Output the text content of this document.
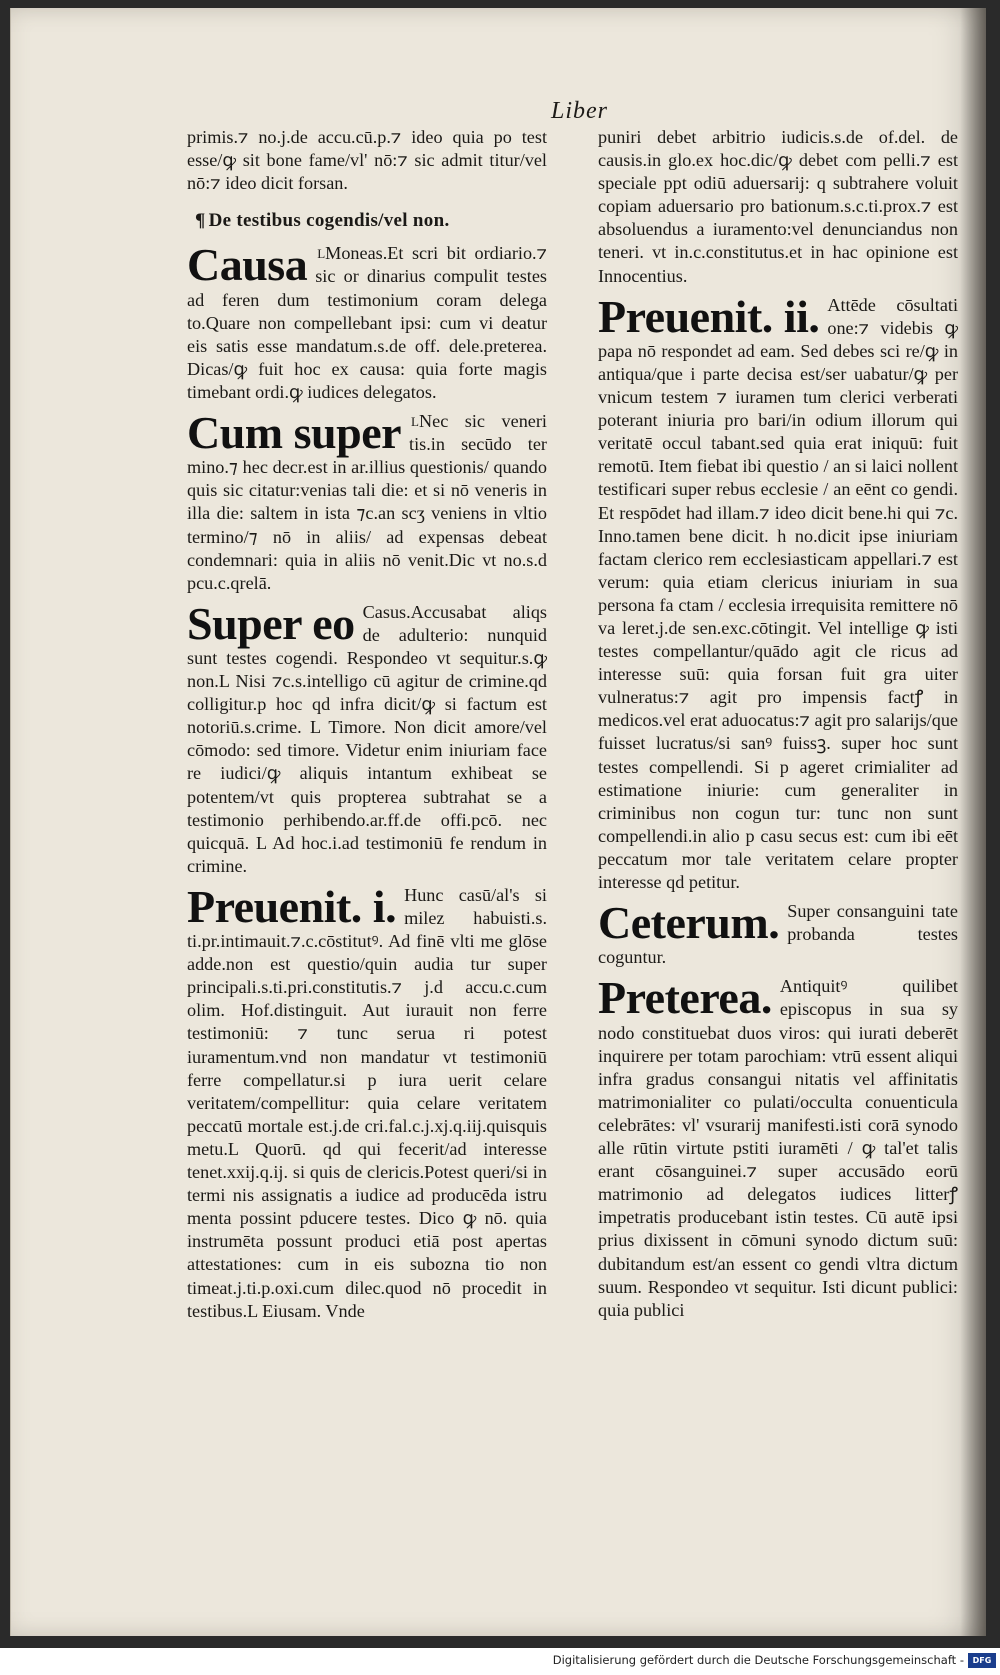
Liber

primis.⁊ no.j.de accu.cū.p.⁊ ideo quia po test esse/ꝙ sit bone fame/vl' nō:⁊ sic admit titur/vel nō:⁊ ideo dicit forsan.

¶ De testibus cogendis/vel non.

Causa $^L$Moneas.Et scri bit ordiario.⁊ sic or dinarius compulit testes ad feren dum testimonium coram delega to.Quare non compellebant ipsi: cum vi deatur eis satis esse mandatum.s.de off. dele.preterea. Dicas/ꝙ fuit hoc ex causa: quia forte magis timebant ordi.ꝙ iudices delegatos.

Cum super $^L$Nec sic veneri tis.in secūdo ter mino.⁊ hec decr.est in ar.illius questionis/ quando quis sic citatur:venias tali die: et si nō veneris in illa die: saltem in ista ⁊c.an scʒ veniens in vltio termino/⁊ nō in aliis/ ad expensas debeat condemnari: quia in aliis nō venit.Dic vt no.s.d pcu.c.qrelā.

Super eo Casus.Accusabat aliqs de adulterio: nunquid sunt testes cogendi. Respondeo vt sequitur.s.ꝙ non.L Nisi ⁊c.s.intelligo cū agitur de crimine.qd colligitur.p hoc qd infra dicit/ꝙ si factum est notoriū.s.crime. L Timore. Non dicit amore/vel cōmodo: sed timore. Videtur enim iniuriam face re iudici/ꝙ aliquis intantum exhibeat se potentem/vt quis propterea subtrahat se a testimonio perhibendo.ar.ff.de offi.pcō. nec quicquā. L Ad hoc.i.ad testimoniū fe rendum in crimine.

Preuenit. i. Hunc casū/al's si milez habuisti.s. ti.pr.intimauit.⁊.c.cōstitutꝰ. Ad finē vlti me glōse adde.non est questio/quin audia tur super principali.s.ti.pri.constitutis.⁊ j.d accu.c.cum olim. Hof.distinguit. Aut iurauit non ferre testimoniū: ⁊ tunc serua ri potest iuramentum.vnd non mandatur vt testimoniū ferre compellatur.si p iura uerit celare veritatem/compellitur: quia celare veritatem peccatū mortale est.j.de cri.fal.c.j.xj.q.iij.quisquis metu.L Quorū. qd qui fecerit/ad interesse tenet.xxij.q.ij. si quis de clericis.Potest queri/si in termi nis assignatis a iudice ad producēda istru menta possint pducere testes. Dico ꝙ nō. quia instrumēta possunt produci etiā post apertas attestationes: cum in eis subozna tio non timeat.j.ti.p.oxi.cum dilec.quod nō procedit in testibus.L Eiusam. Vnde

puniri debet arbitrio iudicis.s.de of.del. de causis.in glo.ex hoc.dic/ꝙ debet com pelli.⁊ est speciale ppt odiū aduersarij: q subtrahere voluit copiam aduersario pro bationum.s.c.ti.prox.⁊ est absoluendus a iuramento:vel denunciandus non teneri. vt in.c.constitutus.et in hac opinione est Innocentius.

Preuenit. ii. Attēde cōsultati one:⁊ videbis ꝙ papa nō respondet ad eam. Sed debes sci re/ꝙ in antiqua/que i parte decisa est/ser uabatur/ꝙ per vnicum testem ⁊ iuramen tum clerici verberati poterant iniuria pro bari/in odium illorum qui veritatē occul tabant.sed quia erat iniquū: fuit remotū. Item fiebat ibi questio / an si laici nollent testificari super rebus ecclesie / an eēnt co gendi. Et respōdet had illam.⁊ ideo dicit bene.hi qui ⁊c. Inno.tamen bene dicit. h no.dicit ipse iniuriam factam clerico rem ecclesiasticam appellari.⁊ est verum: quia etiam clericus iniuriam in sua persona fa ctam / ecclesia irrequisita remittere nō va leret.j.de sen.exc.cōtingit. Vel intellige ꝙ isti testes compellantur/quādo agit cle ricus ad interesse suū: quia forsan fuit gra uiter vulneratus:⁊ agit pro impensis factꝭ in medicos.vel erat aduocatus:⁊ agit pro salarijs/que fuisset lucratus/si sanꝰ fuissꝫ. super hoc sunt testes compellendi. Si p ageret crimialiter ad estimatione iniurie: cum generaliter in criminibus non cogun tur: tunc non sunt compellendi.in alio p casu secus est: cum ibi eēt peccatum mor tale veritatem celare propter interesse qd petitur.

Ceterum. Super consanguini tate probanda testes coguntur.

Preterea. Antiquitꝰ quilibet episcopus in sua sy nodo constituebat duos viros: qui iurati deberēt inquirere per totam parochiam: vtrū essent aliqui infra gradus consangui nitatis vel affinitatis matrimonialiter co pulati/occulta conuenticula celebrātes: vl' vsurarij manifesti.isti corā synodo alle rūtin virtute pstiti iuramēti / ꝙ tal'et talis erant cōsanguinei.⁊ super accusādo eorū matrimonio ad delegatos iudices litterꝭ impetratis producebant istin testes. Cū autē ipsi prius dixissent in cōmuni synodo dictum suū: dubitandum est/an essent co gendi vltra dictum suum. Respondeo vt sequitur. Isti dicunt publici: quia publici

Digitalisierung gefördert durch die Deutsche Forschungsgemeinschaft -	DFG
